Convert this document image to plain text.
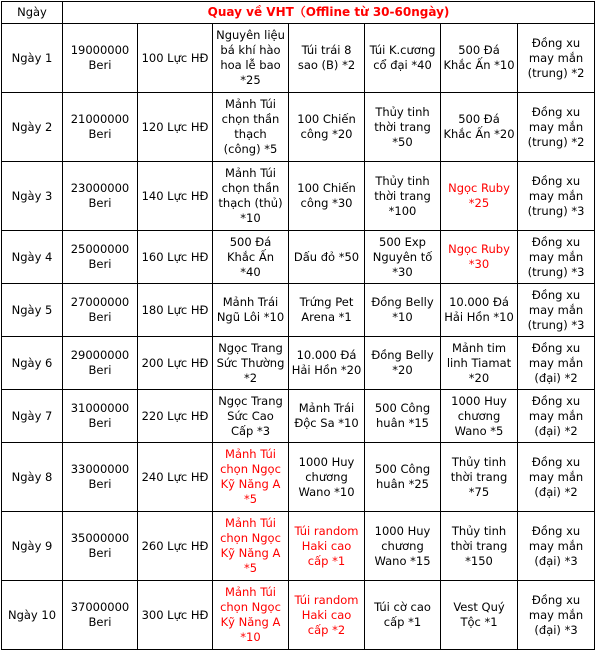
Ngày	Quay về VHT（Offline từ 30-60ngày)						
Ngày 1	19000000 Beri	100 Lực HĐ	Nguyên liệu bá khí hào hoa lễ bao *25	Túi trái 8 sao (B) *2	Túi K.cương cổ đại *40	500 Đá Khắc Ấn *10	Đồng xu may mắn (trung) *2
Ngày 2	21000000 Beri	120 Lực HĐ	Mảnh Túi chọn thần thạch (công) *5	100 Chiến công *20	Thủy tinh thời trang *50	500 Đá Khắc Ấn *20	Đồng xu may mắn (trung) *2
Ngày 3	23000000 Beri	140 Lực HĐ	Mảnh Túi chọn thần thạch (thủ) *10	100 Chiến công *30	Thủy tinh thời trang *100	Ngọc Ruby *25	Đồng xu may mắn (trung) *3
Ngày 4	25000000 Beri	160 Lực HĐ	500 Đá Khắc Ấn *40	Dấu đỏ *50	500 Exp Nguyên tố *30	Ngọc Ruby *30	Đồng xu may mắn (trung) *3
Ngày 5	27000000 Beri	180 Lực HĐ	Mảnh Trái Ngũ Lôi *10	Trứng Pet Arena *1	Đồng Belly *10	10.000 Đá Hải Hồn *10	Đồng xu may mắn (trung) *3
Ngày 6	29000000 Beri	200 Lực HĐ	Ngọc Trang Sức Thường *2	10.000 Đá Hải Hồn *20	Đồng Belly *20	Mảnh tim linh Tiamat *20	Đồng xu may mắn (đại) *2
Ngày 7	31000000 Beri	220 Lực HĐ	Ngọc Trang Sức Cao Cấp *3	Mảnh Trái Độc Sa *10	500 Công huân *15	1000 Huy chương Wano *5	Đồng xu may mắn (đại) *2
Ngày 8	33000000 Beri	240 Lực HĐ	Mảnh Túi chọn Ngọc Kỹ Năng A *5	1000 Huy chương Wano *10	500 Công huân *25	Thủy tinh thời trang *75	Đồng xu may mắn (đại) *2
Ngày 9	35000000 Beri	260 Lực HĐ	Mảnh Túi chọn Ngọc Kỹ Năng A *5	Túi random Haki cao cấp *1	1000 Huy chương Wano *15	Thủy tinh thời trang *150	Đồng xu may mắn (đại) *3
Ngày 10	37000000 Beri	300 Lực HĐ	Mảnh Túi chọn Ngọc Kỹ Năng A *10	Túi random Haki cao cấp *2	Túi cờ cao cấp *1	Vest Quý Tộc *1	Đồng xu may mắn (đại) *3
